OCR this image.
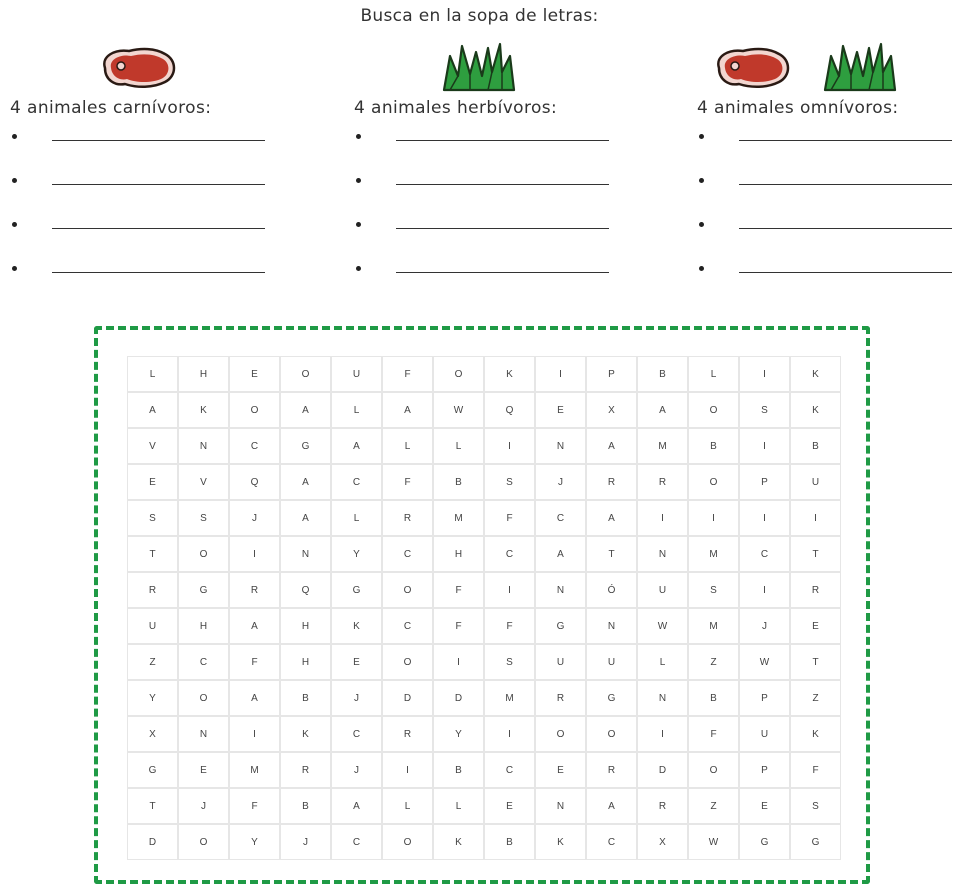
Busca en la sopa de letras:
4 animales carnívoros:	4 animales herbívoros:	4 animales omnívoros:
L	H	E	O	U	F	O	K	I	P	B	L	I	K
A	K	O	A	L	A	W	Q	E	X	A	O	S	K
V	N	C	G	A	L	L	I	N	A	M	B	I	B
E	V	Q	A	C	F	B	S	J	R	R	O	P	U
S	S	J	A	L	R	M	F	C	A	I	I	I	I
T	O	I	N	Y	C	H	C	A	T	N	M	C	T
R	G	R	Q	G	O	F	I	N	Ó	U	S	I	R
U	H	A	H	K	C	F	F	G	N	W	M	J	E
Z	C	F	H	E	O	I	S	U	U	L	Z	W	T
Y	O	A	B	J	D	D	M	R	G	N	B	P	Z
X	N	I	K	C	R	Y	I	O	O	I	F	U	K
G	E	M	R	J	I	B	C	E	R	D	O	P	F
T	J	F	B	A	L	L	E	N	A	R	Z	E	S
D	O	Y	J	C	O	K	B	K	C	X	W	G	G
